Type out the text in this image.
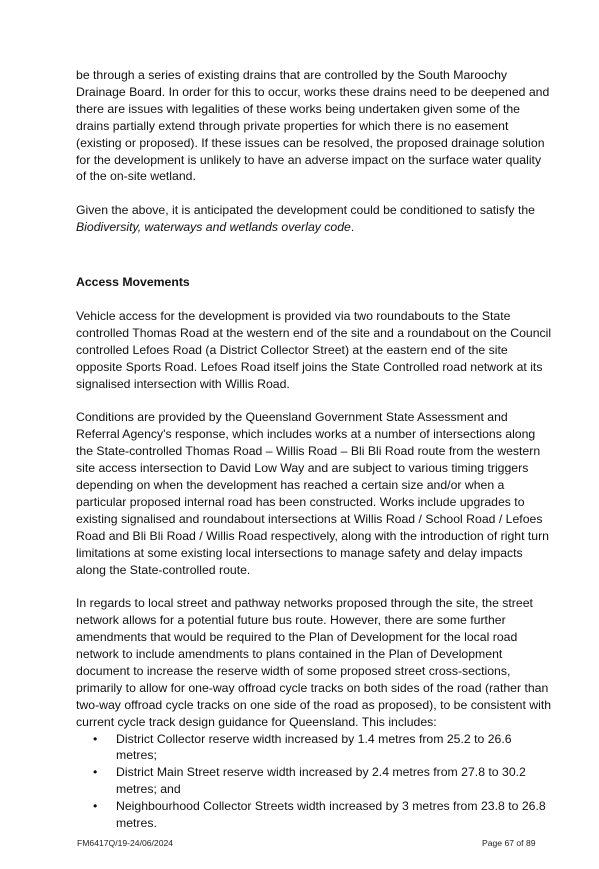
be through a series of existing drains that are controlled by the South Maroochy Drainage Board. In order for this to occur, works these drains need to be deepened and there are issues with legalities of these works being undertaken given some of the drains partially extend through private properties for which there is no easement (existing or proposed). If these issues can be resolved, the proposed drainage solution for the development is unlikely to have an adverse impact on the surface water quality of the on-site wetland.

Given the above, it is anticipated the development could be conditioned to satisfy the Biodiversity, waterways and wetlands overlay code.

Access Movements

Vehicle access for the development is provided via two roundabouts to the State controlled Thomas Road at the western end of the site and a roundabout on the Council controlled Lefoes Road (a District Collector Street) at the eastern end of the site opposite Sports Road. Lefoes Road itself joins the State Controlled road network at its signalised intersection with Willis Road.

Conditions are provided by the Queensland Government State Assessment and Referral Agency's response, which includes works at a number of intersections along the State-controlled Thomas Road – Willis Road – Bli Bli Road route from the western site access intersection to David Low Way and are subject to various timing triggers depending on when the development has reached a certain size and/or when a particular proposed internal road has been constructed. Works include upgrades to existing signalised and roundabout intersections at Willis Road / School Road / Lefoes Road and Bli Bli Road / Willis Road respectively, along with the introduction of right turn limitations at some existing local intersections to manage safety and delay impacts along the State-controlled route.

In regards to local street and pathway networks proposed through the site, the street network allows for a potential future bus route. However, there are some further amendments that would be required to the Plan of Development for the local road network to include amendments to plans contained in the Plan of Development document to increase the reserve width of some proposed street cross-sections, primarily to allow for one-way offroad cycle tracks on both sides of the road (rather than two-way offroad cycle tracks on one side of the road as proposed), to be consistent with current cycle track design guidance for Queensland. This includes:

• District Collector reserve width increased by 1.4 metres from 25.2 to 26.6 metres;
• District Main Street reserve width increased by 2.4 metres from 27.8 to 30.2 metres; and
• Neighbourhood Collector Streets width increased by 3 metres from 23.8 to 26.8 metres.
FM6417Q/19-24/06/2024	Page 67 of 89
